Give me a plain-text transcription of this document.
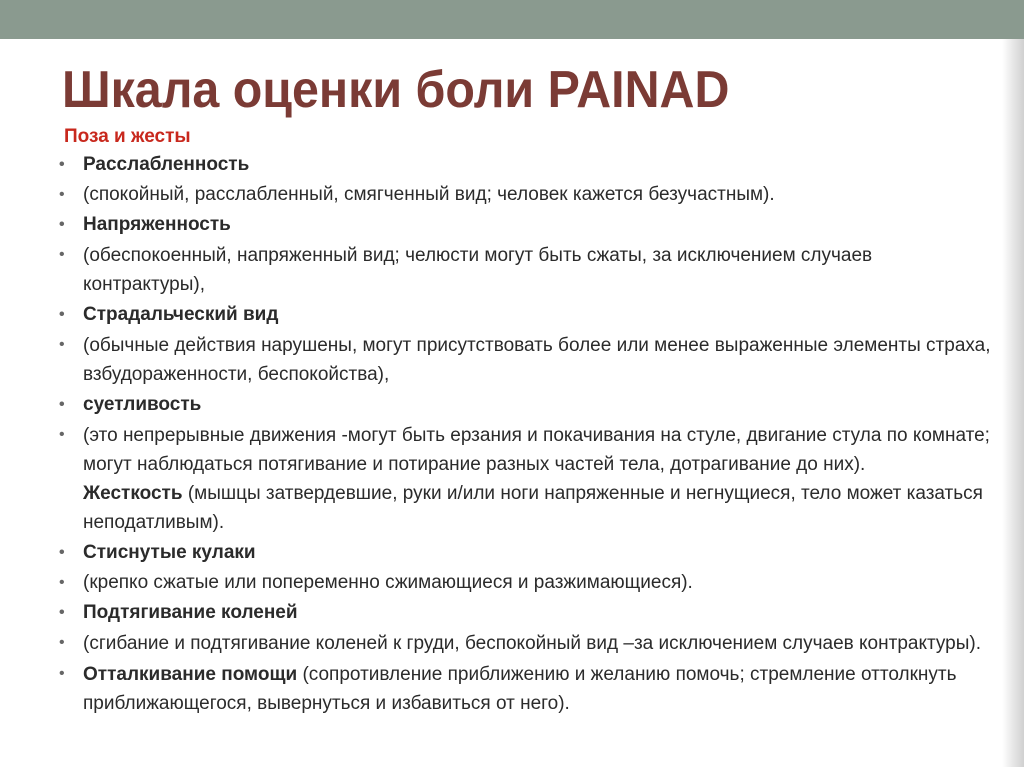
Шкала оценки боли PAINAD
Поза и жесты
• Расслабленность
• (спокойный, расслабленный, смягченный вид; человек кажется безучастным).
• Напряженность
• (обеспокоенный, напряженный вид; челюсти могут быть сжаты, за исключением случаев контрактуры),
• Страдальческий вид
• (обычные действия нарушены, могут присутствовать более или менее выраженные элементы страха, взбудораженности, беспокойства),
• суетливость
• (это непрерывные движения -могут быть ерзания и покачивания на стуле, двигание стула по комнате; могут наблюдаться потягивание и потирание разных частей тела, дотрагивание до них).Жесткость (мышцы затвердевшие, руки и/или ноги напряженные и негнущиеся, тело может казаться неподатливым).
• Стиснутые кулаки
• (крепко сжатые или попеременно сжимающиеся и разжимающиеся).
• Подтягивание коленей
• (сгибание и подтягивание коленей к груди, беспокойный вид –за исключением случаев контрактуры).
• Отталкивание помощи (сопротивление приближению и желанию помочь; стремление оттолкнуть приближающегося, вывернуться и избавиться от него).
